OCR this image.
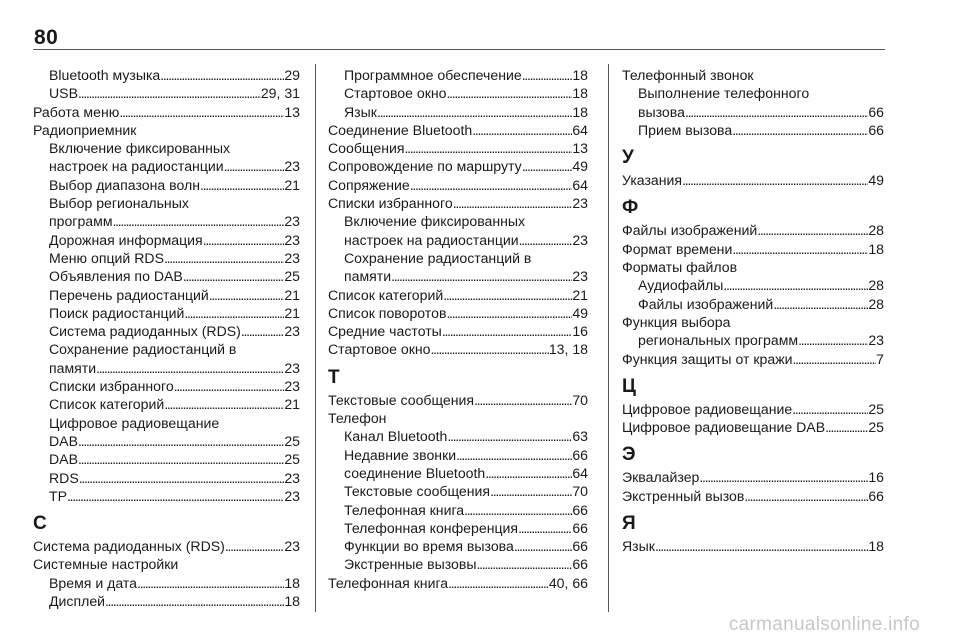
80
Bluetooth музыка . . .	29
USB . . .	29, 31
Работа меню . . .	13
Радиоприемник
Включение фиксированных
настроек на радиостанции . . .	23
Выбор диапазона волн . . .	21
Выбор региональных
программ . . .	23
Дорожная информация . . .	23
Меню опций RDS . . .	23
Объявления по DAB . . .	25
Перечень радиостанций . . .	21
Поиск радиостанций . . .	21
Система радиоданных (RDS) . . .	23
Сохранение радиостанций в
памяти . . .	23
Списки избранного . . .	23
Список категорий . . .	21
Цифровое радиовещание
DAB . . .	25
DAB . . .	25
RDS . . .	23
TP . . .	23
С
Система радиоданных (RDS) . . .	23
Системные настройки
Время и дата . . .	18
Дисплей . . .	18
Программное обеспечение . . .	18
Стартовое окно . . .	18
Язык . . .	18
Соединение Bluetooth . . .	64
Сообщения . . .	13
Сопровождение по маршруту . . .	49
Сопряжение . . .	64
Списки избранного . . .	23
Включение фиксированных
настроек на радиостанции . . .	23
Сохранение радиостанций в
памяти . . .	23
Список категорий . . .	21
Список поворотов . . .	49
Средние частоты . . .	16
Стартовое окно . . .	13, 18
Т
Текстовые сообщения . . .	70
Телефон
Канал Bluetooth . . .	63
Недавние звонки . . .	66
соединение Bluetooth . . .	64
Текстовые сообщения . . .	70
Телефонная книга . . .	66
Телефонная конференция . . .	66
Функции во время вызова . . .	66
Экстренные вызовы . . .	66
Телефонная книга . . .	40, 66
Телефонный звонок
Выполнение телефонного
вызова . . .	66
Прием вызова . . .	66
У
Указания . . .	49
Ф
Файлы изображений . . .	28
Формат времени . . .	18
Форматы файлов
Аудиофайлы . . .	28
Файлы изображений . . .	28
Функция выбора
региональных программ . . .	23
Функция защиты от кражи . . .	7
Ц
Цифровое радиовещание . . .	25
Цифровое радиовещание DAB . . .	25
Э
Эквалайзер . . .	16
Экстренный вызов . . .	66
Я
Язык . . .	18
carmanualsonline.info
